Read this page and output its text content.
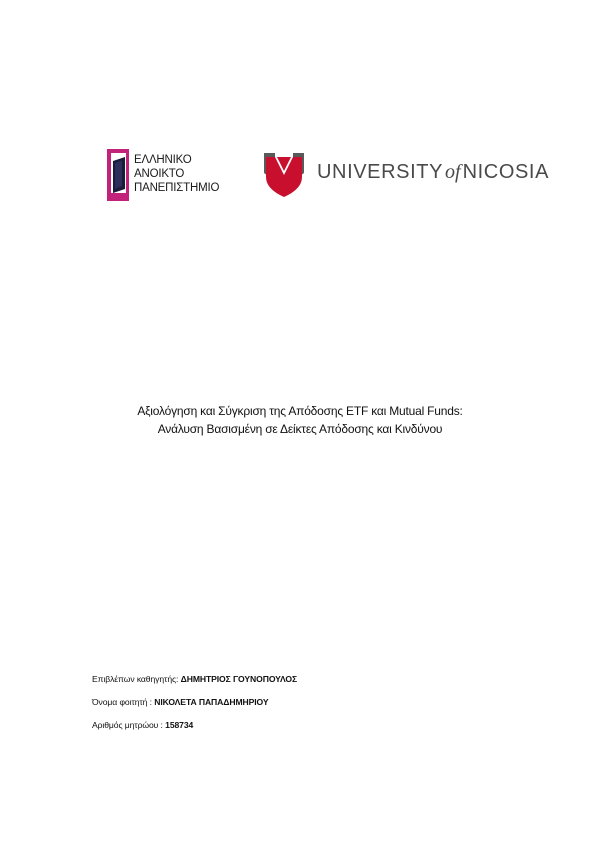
ΕΛΛΗΝΙΚΟ
ΑΝΟΙΚΤΟ
ΠΑΝΕΠΙΣΤΗΜΙΟ
UNIVERSITY of NICOSIA
Αξιολόγηση και Σύγκριση της Απόδοσης ETF και Mutual Funds:
Ανάλυση Βασισμένη σε Δείκτες Απόδοσης και Κινδύνου
Επιβλέπων καθηγητής: ΔΗΜΗΤΡΙΟΣ ΓΟΥΝΟΠΟΥΛΟΣ
Όνομα φοιτητή : ΝΙΚΟΛΕΤΑ ΠΑΠΑΔΗΜΗΡΙΟΥ
Αριθμός μητρώου : 158734
